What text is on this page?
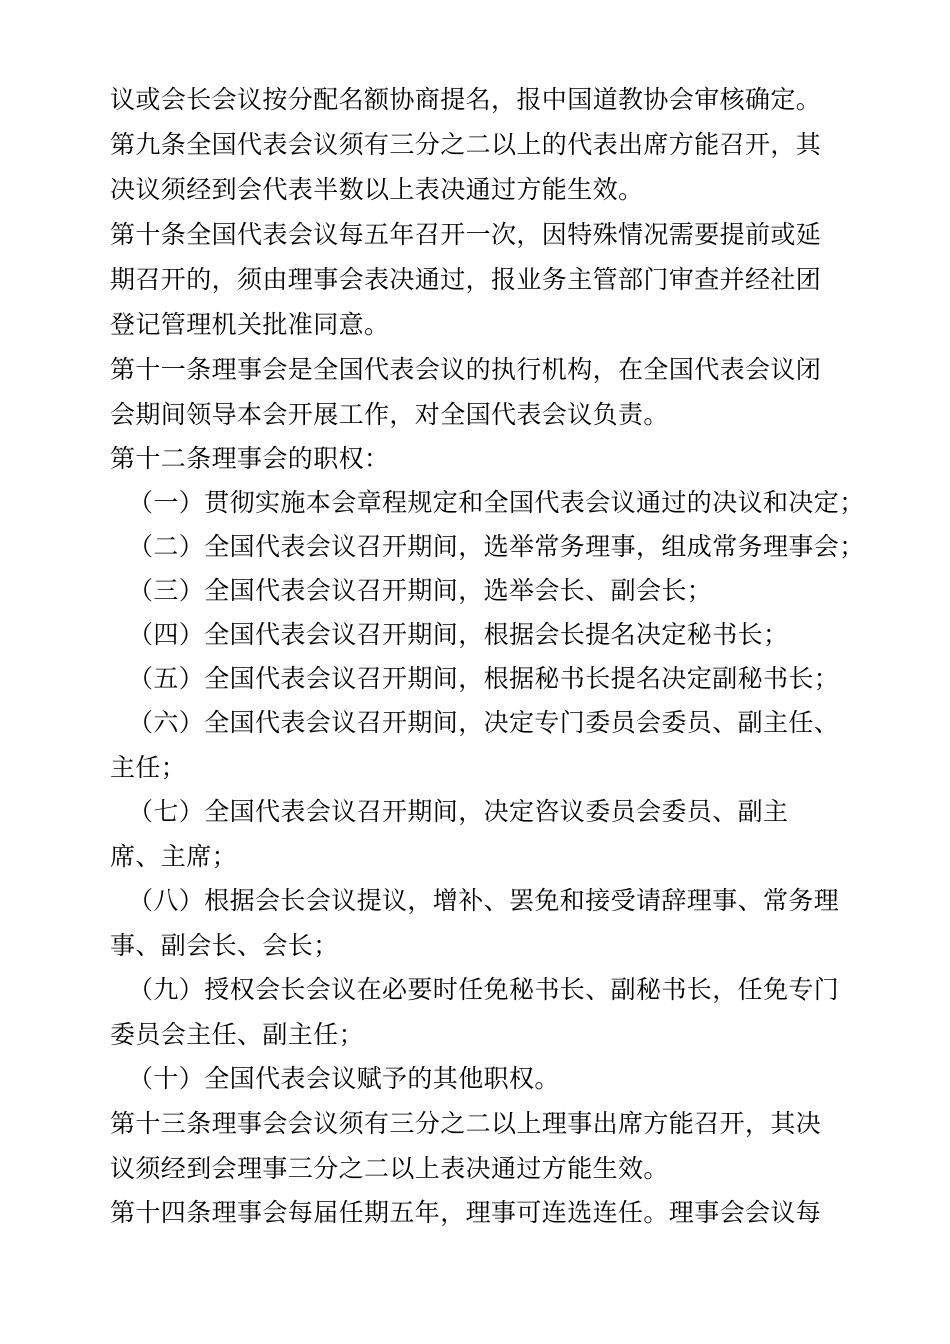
议或会长会议按分配名额协商提名，报中国道教协会审核确定。
第九条全国代表会议须有三分之二以上的代表出席方能召开，其
决议须经到会代表半数以上表决通过方能生效。
第十条全国代表会议每五年召开一次，因特殊情况需要提前或延
期召开的，须由理事会表决通过，报业务主管部门审查并经社团
登记管理机关批准同意。
第十一条理事会是全国代表会议的执行机构，在全国代表会议闭
会期间领导本会开展工作，对全国代表会议负责。
第十二条理事会的职权：
（一）贯彻实施本会章程规定和全国代表会议通过的决议和决定；
（二）全国代表会议召开期间，选举常务理事，组成常务理事会；
（三）全国代表会议召开期间，选举会长、副会长；
（四）全国代表会议召开期间，根据会长提名决定秘书长；
（五）全国代表会议召开期间，根据秘书长提名决定副秘书长；
（六）全国代表会议召开期间，决定专门委员会委员、副主任、
主任；
（七）全国代表会议召开期间，决定咨议委员会委员、副主
席、主席；
（八）根据会长会议提议，增补、罢免和接受请辞理事、常务理
事、副会长、会长；
（九）授权会长会议在必要时任免秘书长、副秘书长，任免专门
委员会主任、副主任；
（十）全国代表会议赋予的其他职权。
第十三条理事会会议须有三分之二以上理事出席方能召开，其决
议须经到会理事三分之二以上表决通过方能生效。
第十四条理事会每届任期五年，理事可连选连任。理事会会议每
